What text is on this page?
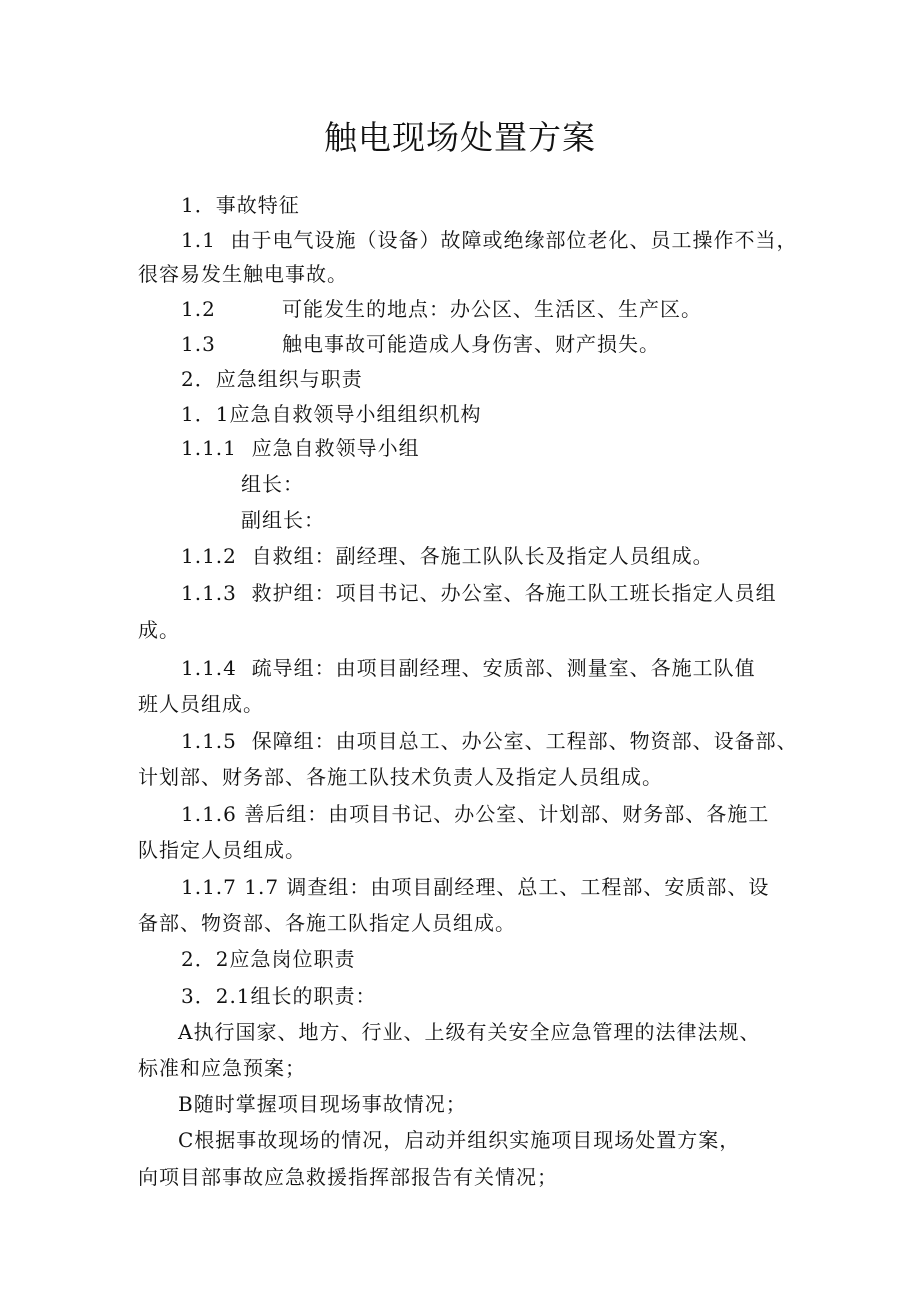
触电现场处置方案
1．事故特征
1.1  由于电气设施（设备）故障或绝缘部位老化、员工操作不当，
很容易发生触电事故。
1.2         可能发生的地点：办公区、生活区、生产区。
1.3         触电事故可能造成人身伤害、财产损失。
2．应急组织与职责
1．1应急自救领导小组组织机构
1.1.1  应急自救领导小组
组长：
副组长：
1.1.2  自救组：副经理、各施工队队长及指定人员组成。
1.1.3  救护组：项目书记、办公室、各施工队工班长指定人员组
成。
1.1.4  疏导组：由项目副经理、安质部、测量室、各施工队值
班人员组成。
1.1.5  保障组：由项目总工、办公室、工程部、物资部、设备部、
计划部、财务部、各施工队技术负责人及指定人员组成。
1.1.6 善后组：由项目书记、办公室、计划部、财务部、各施工
队指定人员组成。
1.1.7 1.7 调查组：由项目副经理、总工、工程部、安质部、设
备部、物资部、各施工队指定人员组成。
2．2应急岗位职责
3．2.1组长的职责：
A执行国家、地方、行业、上级有关安全应急管理的法律法规、
标准和应急预案；
B随时掌握项目现场事故情况；
C根据事故现场的情况，启动并组织实施项目现场处置方案，
向项目部事故应急救援指挥部报告有关情况；
